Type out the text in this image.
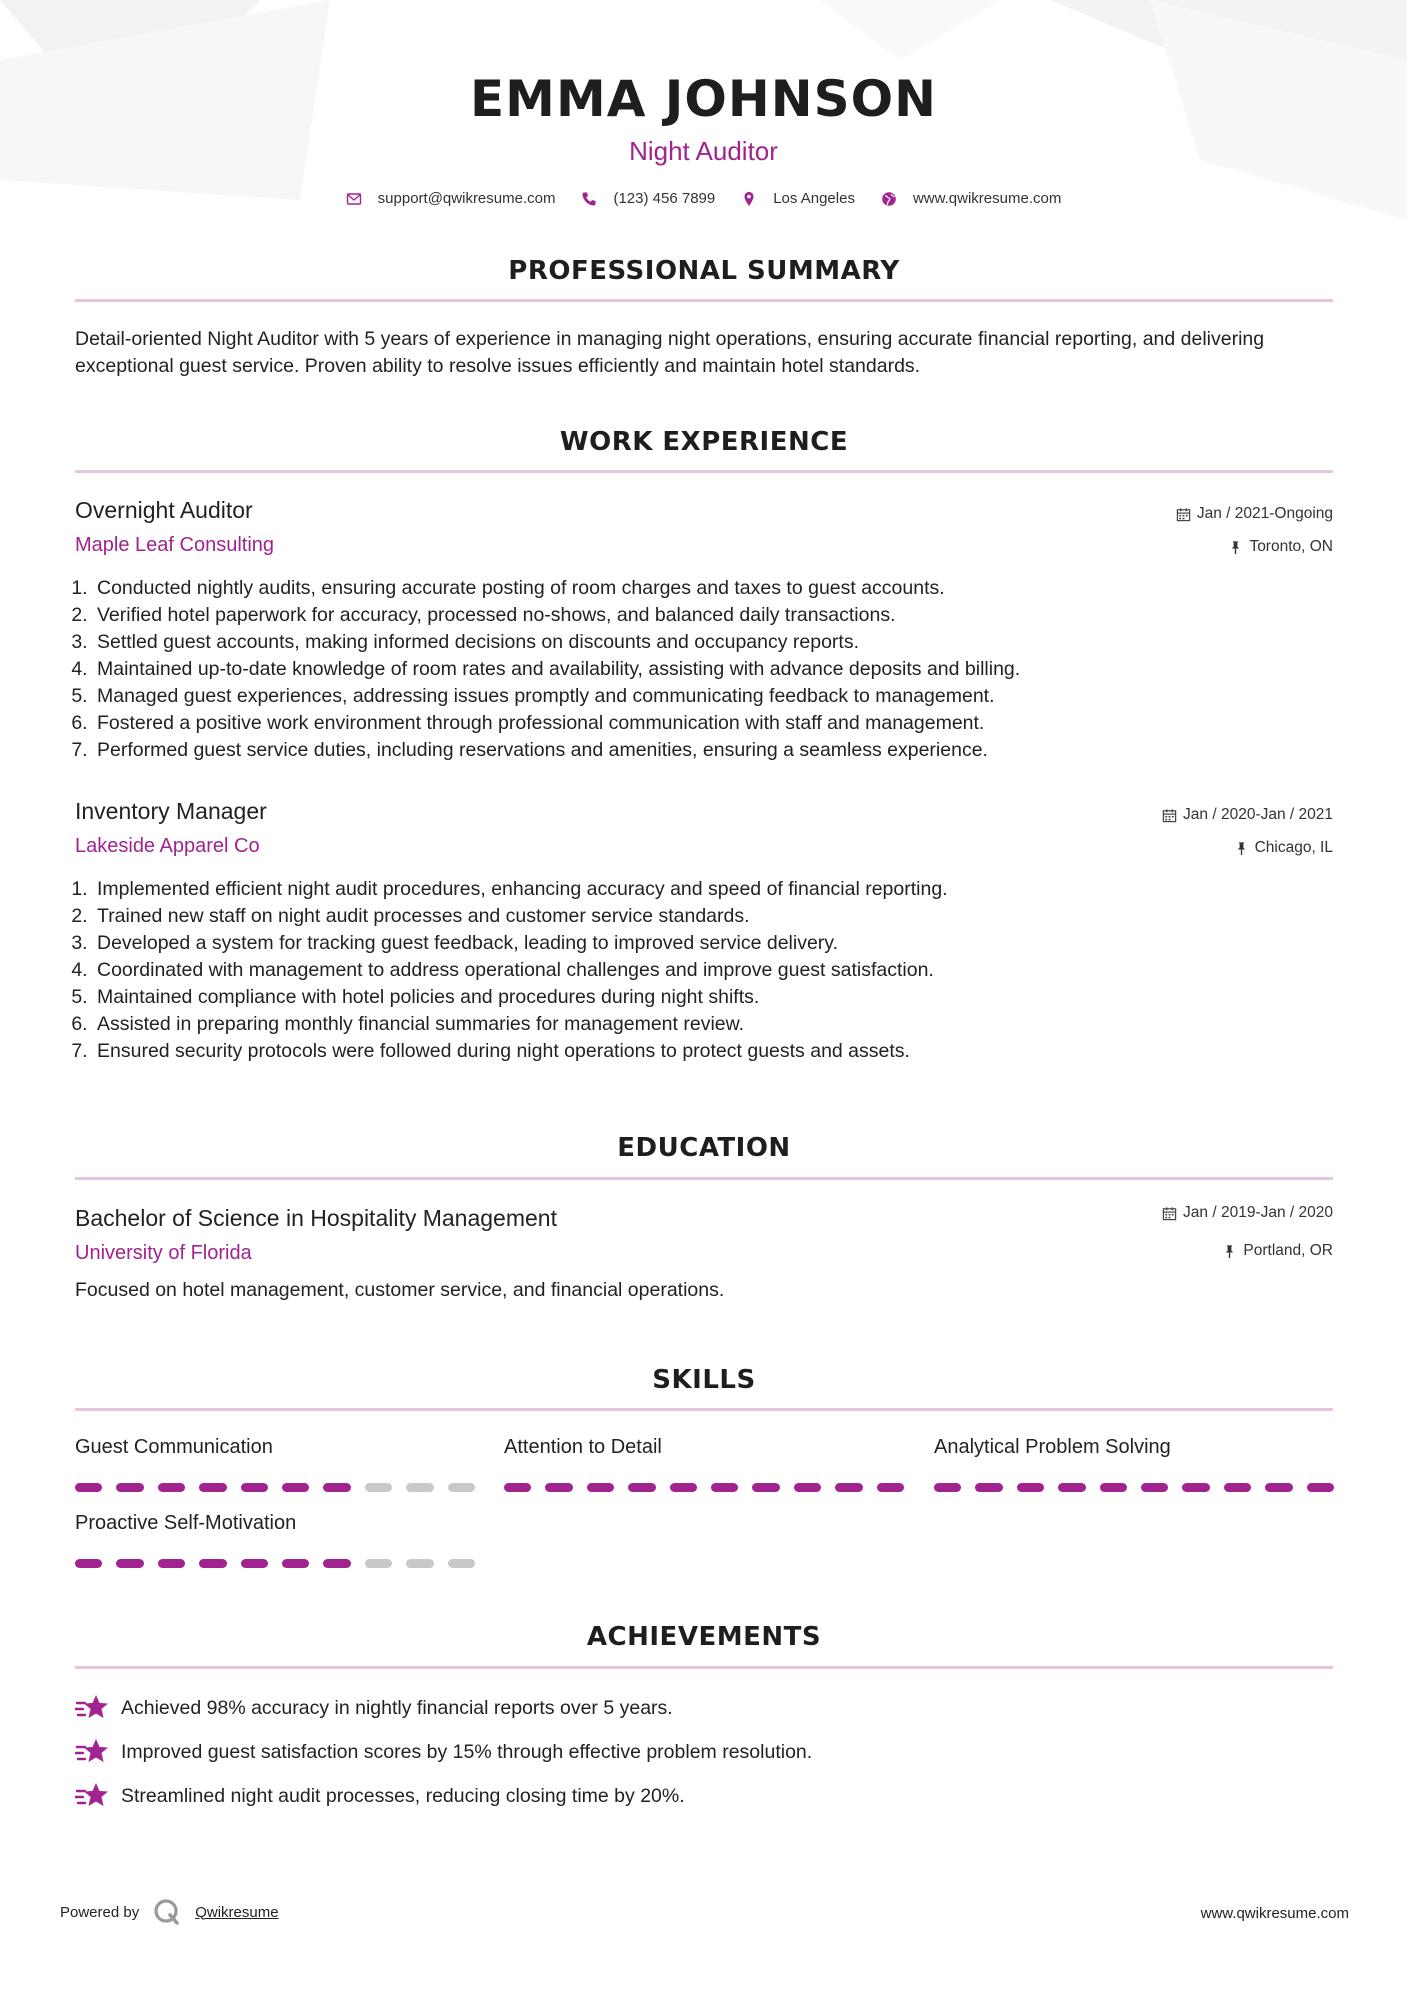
EMMA JOHNSON
Night Auditor
support@qwikresume.com	(123) 456 7899	Los Angeles	www.qwikresume.com
PROFESSIONAL SUMMARY
Detail-oriented Night Auditor with 5 years of experience in managing night operations, ensuring accurate financial reporting, and delivering exceptional guest service. Proven ability to resolve issues efficiently and maintain hotel standards.
WORK EXPERIENCE
Overnight Auditor
Maple Leaf Consulting
Jan / 2021-Ongoing
Toronto, ON
1. Conducted nightly audits, ensuring accurate posting of room charges and taxes to guest accounts.
2. Verified hotel paperwork for accuracy, processed no-shows, and balanced daily transactions.
3. Settled guest accounts, making informed decisions on discounts and occupancy reports.
4. Maintained up-to-date knowledge of room rates and availability, assisting with advance deposits and billing.
5. Managed guest experiences, addressing issues promptly and communicating feedback to management.
6. Fostered a positive work environment through professional communication with staff and management.
7. Performed guest service duties, including reservations and amenities, ensuring a seamless experience.
Inventory Manager
Lakeside Apparel Co
Jan / 2020-Jan / 2021
Chicago, IL
1. Implemented efficient night audit procedures, enhancing accuracy and speed of financial reporting.
2. Trained new staff on night audit processes and customer service standards.
3. Developed a system for tracking guest feedback, leading to improved service delivery.
4. Coordinated with management to address operational challenges and improve guest satisfaction.
5. Maintained compliance with hotel policies and procedures during night shifts.
6. Assisted in preparing monthly financial summaries for management review.
7. Ensured security protocols were followed during night operations to protect guests and assets.
EDUCATION
Bachelor of Science in Hospitality Management
University of Florida
Jan / 2019-Jan / 2020
Portland, OR
Focused on hotel management, customer service, and financial operations.
SKILLS
Guest Communication	Attention to Detail	Analytical Problem Solving
Proactive Self-Motivation
ACHIEVEMENTS
Achieved 98% accuracy in nightly financial reports over 5 years.
Improved guest satisfaction scores by 15% through effective problem resolution.
Streamlined night audit processes, reducing closing time by 20%.
Powered by	Qwikresume	www.qwikresume.com
